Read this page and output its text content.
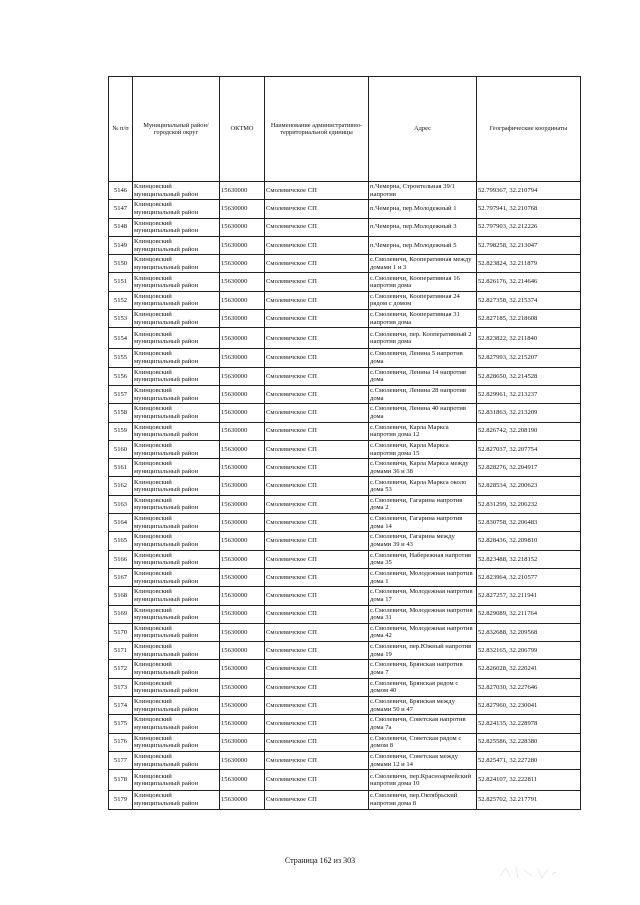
№ п/п	Муниципальный район/городской округ	ОКТМО	Наименование административно-территориальной единицы	Адрес	Географические координаты
5146	Клинцовский муниципальный район	15630000	Смолевичское СП	п.Чемерна, Строительная 39/1 напротив	52.799367, 32.210794
5147	Клинцовский муниципальный район	15630000	Смолевичское СП	п.Чемерна, пер.Молодежный 1	52.797941, 32.210768
5148	Клинцовский муниципальный район	15630000	Смолевичское СП	п.Чемерна, пер.Молодежный 3	52.797903, 32.212226
5149	Клинцовский муниципальный район	15630000	Смолевичское СП	п.Чемерна, пер.Молодежный 5	52.798258, 32.213047
5150	Клинцовский муниципальный район	15630000	Смолевичское СП	с.Смолевичи, Кооперативная между домами 1 и 3	52.823824, 32.211879
5151	Клинцовский муниципальный район	15630000	Смолевичское СП	с.Смолевичи, Кооперативная 16 напротив дома	52.826176, 32.214646
5152	Клинцовский муниципальный район	15630000	Смолевичское СП	с.Смолевичи, Кооперативная 24 рядом с домом	52.827358, 32.215374
5153	Клинцовский муниципальный район	15630000	Смолевичское СП	с.Смолевичи, Кооперативная 31 напротив дома	52.827185, 32.218608
5154	Клинцовский муниципальный район	15630000	Смолевичское СП	с.Смолевичи, пер. Кооперативный 2 напротив дома	52.823822, 32.211840
5155	Клинцовский муниципальный район	15630000	Смолевичское СП	с.Смолевичи, Ленина 5 напротив дома	52.827993, 32.215207
5156	Клинцовский муниципальный район	15630000	Смолевичское СП	с.Смолевичи, Ленина 14 напротив дома	52.828650, 32.214528
5157	Клинцовский муниципальный район	15630000	Смолевичское СП	с.Смолевичи, Ленина 28 напротив дома	52.829961, 32.213237
5158	Клинцовский муниципальный район	15630000	Смолевичское СП	с.Смолевичи, Ленина 40 напротив дома	52.831863, 32.213209
5159	Клинцовский муниципальный район	15630000	Смолевичское СП	с.Смолевичи, Карла Маркса напротив дома 12	52.826742, 32.208190
5160	Клинцовский муниципальный район	15630000	Смолевичское СП	с.Смолевичи, Карла Маркса напротив дома 15	52.827037, 32.207754
5161	Клинцовский муниципальный район	15630000	Смолевичское СП	с.Смолевичи, Карла Маркса между домами 36 и 38	52.828276, 32.204917
5162	Клинцовский муниципальный район	15630000	Смолевичское СП	с.Смолевичи, Карла Маркса около дома 53	52.828534, 32.200623
5163	Клинцовский муниципальный район	15630000	Смолевичское СП	с.Смолевичи, Гагарина напротив дома 2	52.831299, 32.206232
5164	Клинцовский муниципальный район	15630000	Смолевичское СП	с.Смолевичи, Гагарина напротив дома 14	52.830758, 32.206483
5165	Клинцовский муниципальный район	15630000	Смолевичское СП	с.Смолевичи, Гагарина между домами 39 и 43	52.828436, 32.209810
5166	Клинцовский муниципальный район	15630000	Смолевичское СП	с.Смолевичи, Набережная напротив дома 35	52.823488, 32.218152
5167	Клинцовский муниципальный район	15630000	Смолевичское СП	с.Смолевичи, Молодежная напротив дома 1	52.823964, 32.210577
5168	Клинцовский муниципальный район	15630000	Смолевичское СП	с.Смолевичи, Молодежная напротив дома 17	52.827257, 32.211941
5169	Клинцовский муниципальный район	15630000	Смолевичское СП	с.Смолевичи, Молодежная напротив дома 31	52.829089, 32.211764
5170	Клинцовский муниципальный район	15630000	Смолевичское СП	с.Смолевичи, Молодежная напротив дома 42	52.832688, 32.209568
5171	Клинцовский муниципальный район	15630000	Смолевичское СП	с.Смолевичи, пер.Южный напротив дома 19	52.832165, 32.206799
5172	Клинцовский муниципальный район	15630000	Смолевичское СП	с.Смолевичи, Брянская напротив дома 7	52.826028, 32.220241
5173	Клинцовский муниципальный район	15630000	Смолевичское СП	с.Смолевичи, Брянская рядом с домом 40	52.827030, 32.227646
5174	Клинцовский муниципальный район	15630000	Смолевичское СП	с.Смолевичи, Брянская между домами 50 и 47	52.827960, 32.230041
5175	Клинцовский муниципальный район	15630000	Смолевичское СП	с.Смолевичи, Советская напротив дома 7а	52.824135, 32.228978
5176	Клинцовский муниципальный район	15630000	Смолевичское СП	с.Смолевичи, Советская рядом с домом 8	52.825586, 32.228380
5177	Клинцовский муниципальный район	15630000	Смолевичское СП	с.Смолевичи, Советская между домами 12 и 14	52.825471, 32.227280
5178	Клинцовский муниципальный район	15630000	Смолевичское СП	с.Смолевичи, пер.Красноармейский напротив дома 10	52.824107, 32.222811
5179	Клинцовский муниципальный район	15630000	Смолевичское СП	с.Смолевичи, пер.Октябрьский напротив дома 8	52.825702, 32.217791
Страница 162 из 303
